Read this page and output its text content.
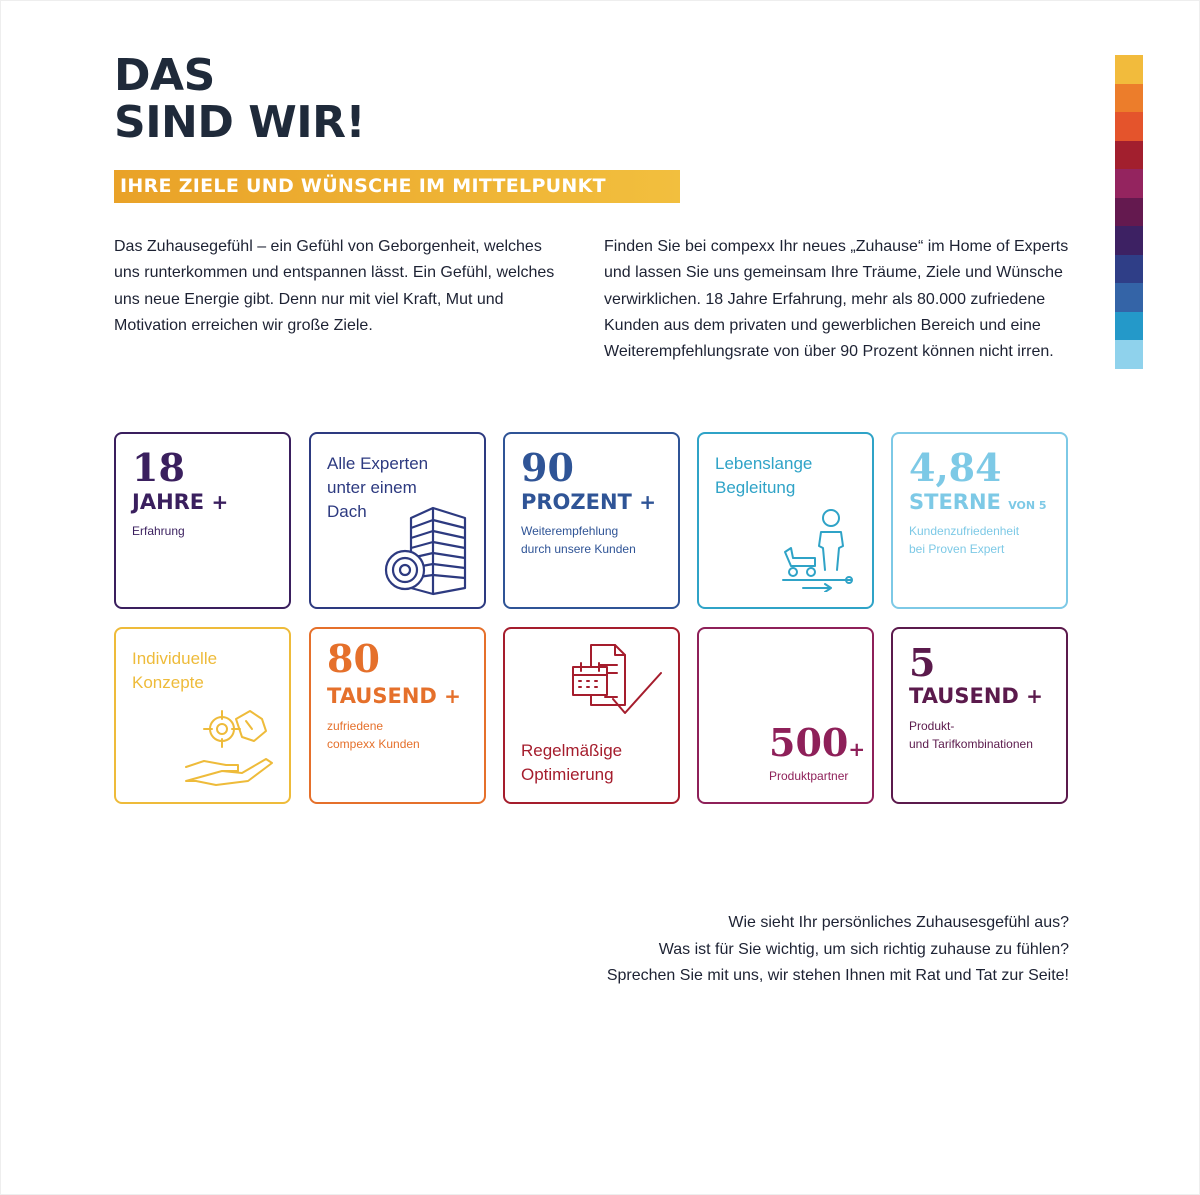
DAS
SIND WIR!
IHRE ZIELE UND WÜNSCHE IM MITTELPUNKT

Das Zuhausegefühl – ein Gefühl von Geborgenheit, welches uns runterkommen und entspannen lässt. Ein Gefühl, welches uns neue Energie gibt. Denn nur mit viel Kraft, Mut und Motivation erreichen wir große Ziele.

Finden Sie bei compexx Ihr neues „Zuhause“ im Home of Experts und lassen Sie uns gemeinsam Ihre Träume, Ziele und Wünsche verwirklichen. 18 Jahre Erfahrung, mehr als 80.000 zufriedene Kunden aus dem privaten und gewerblichen Bereich und eine Weiterempfehlungsrate von über 90 Prozent können nicht irren.

18
JAHRE +
Erfahrung
Alle Experten unter einem Dach
90
PROZENT +
Weiterempfehlung
durch unsere Kunden
Lebenslange Begleitung	4,84
STERNE VON 5
Kundenzufriedenheit
bei Proven Expert
Individuelle Konzepte
80
TAUSEND +
zufriedene
compexx Kunden	Regelmäßige Optimierung
500+
Produktpartner
5
TAUSEND +
Produkt-
und Tarifkombinationen

Wie sieht Ihr persönliches Zuhausesgefühl aus?
Was ist für Sie wichtig, um sich richtig zuhause zu fühlen?
Sprechen Sie mit uns, wir stehen Ihnen mit Rat und Tat zur Seite!
